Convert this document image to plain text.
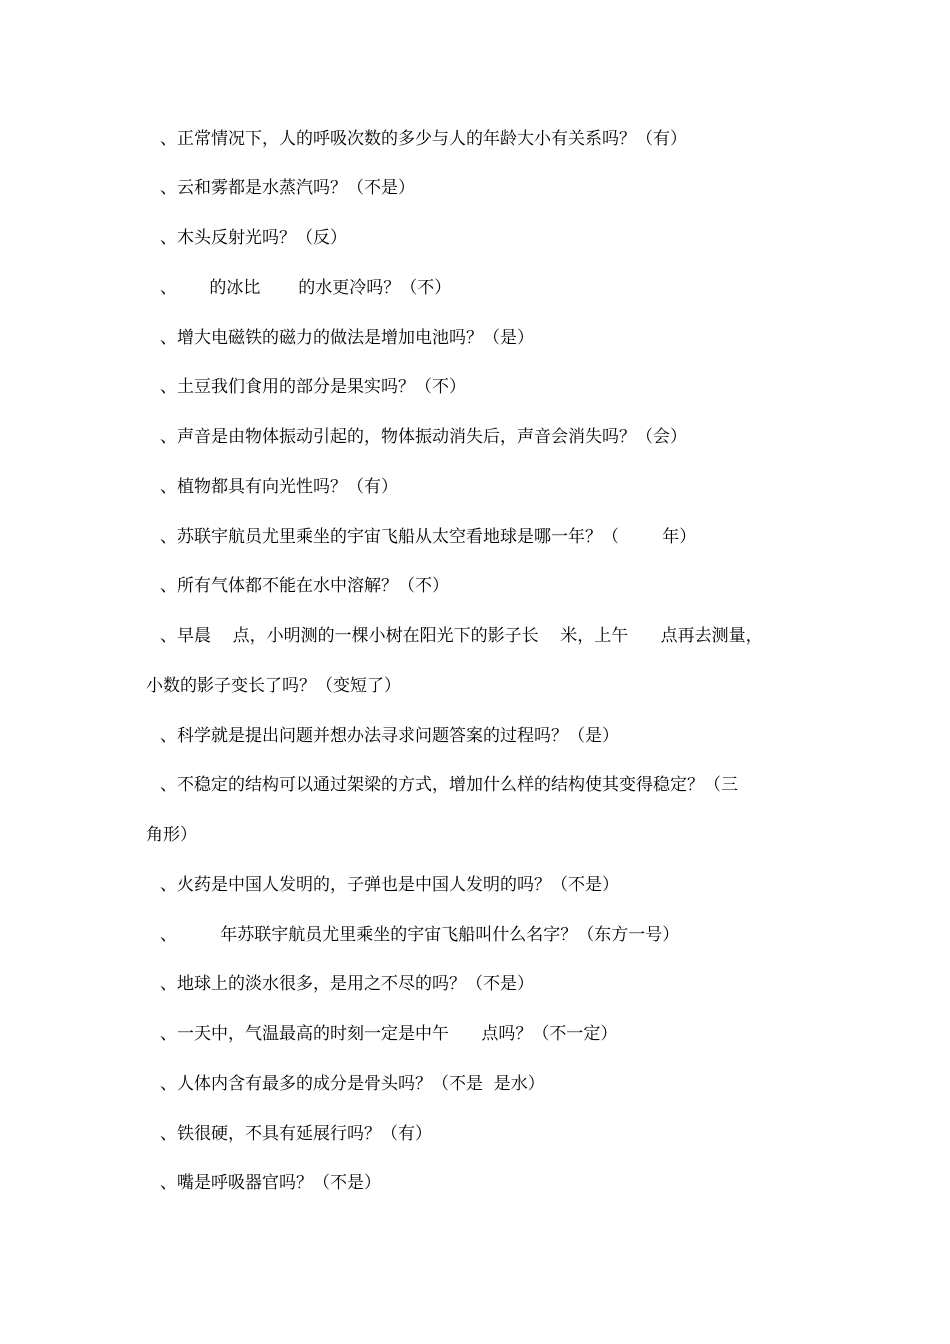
、正常情况下，人的呼吸次数的多少与人的年龄大小有关系吗？（有）
、云和雾都是水蒸汽吗？（不是）
、木头反射光吗？（反）
、      的冰比       的水更冷吗？（不）
、增大电磁铁的磁力的做法是增加电池吗？（是）
、土豆我们食用的部分是果实吗？（不）
、声音是由物体振动引起的，物体振动消失后，声音会消失吗？（会）
、植物都具有向光性吗？（有）
、苏联宇航员尤里乘坐的宇宙飞船从太空看地球是哪一年？（        年）
、所有气体都不能在水中溶解？（不）
、早晨    点，小明测的一棵小树在阳光下的影子长    米，上午      点再去测量，
小数的影子变长了吗？（变短了）
、科学就是提出问题并想办法寻求问题答案的过程吗？（是）
、不稳定的结构可以通过架梁的方式，增加什么样的结构使其变得稳定？（三
角形）
、火药是中国人发明的，子弹也是中国人发明的吗？（不是）
、        年苏联宇航员尤里乘坐的宇宙飞船叫什么名字？（东方一号）
、地球上的淡水很多，是用之不尽的吗？（不是）
、一天中，气温最高的时刻一定是中午      点吗？（不一定）
、人体内含有最多的成分是骨头吗？（不是  是水）
、铁很硬，不具有延展行吗？（有）
、嘴是呼吸器官吗？（不是）
